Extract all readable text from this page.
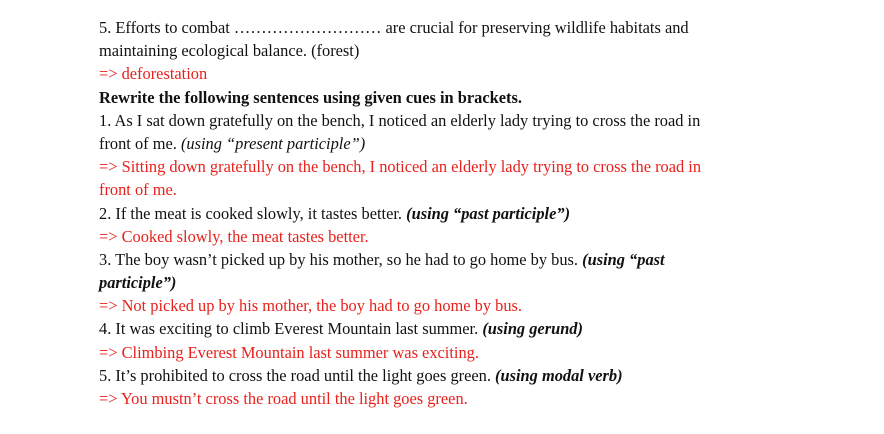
5. Efforts to combat ……………………… are crucial for preserving wildlife habitats and
maintaining ecological balance. (forest)
=> deforestation
Rewrite the following sentences using given cues in brackets.
1. As I sat down gratefully on the bench, I noticed an elderly lady trying to cross the road in
front of me. (using “present participle”)
=> Sitting down gratefully on the bench, I noticed an elderly lady trying to cross the road in
front of me.
2. If the meat is cooked slowly, it tastes better. (using “past participle”)
=> Cooked slowly, the meat tastes better.
3. The boy wasn’t picked up by his mother, so he had to go home by bus. (using “past
participle”)
=> Not picked up by his mother, the boy had to go home by bus.
4. It was exciting to climb Everest Mountain last summer. (using gerund)
=> Climbing Everest Mountain last summer was exciting.
5. It’s prohibited to cross the road until the light goes green. (using modal verb)
=> You mustn’t cross the road until the light goes green.
